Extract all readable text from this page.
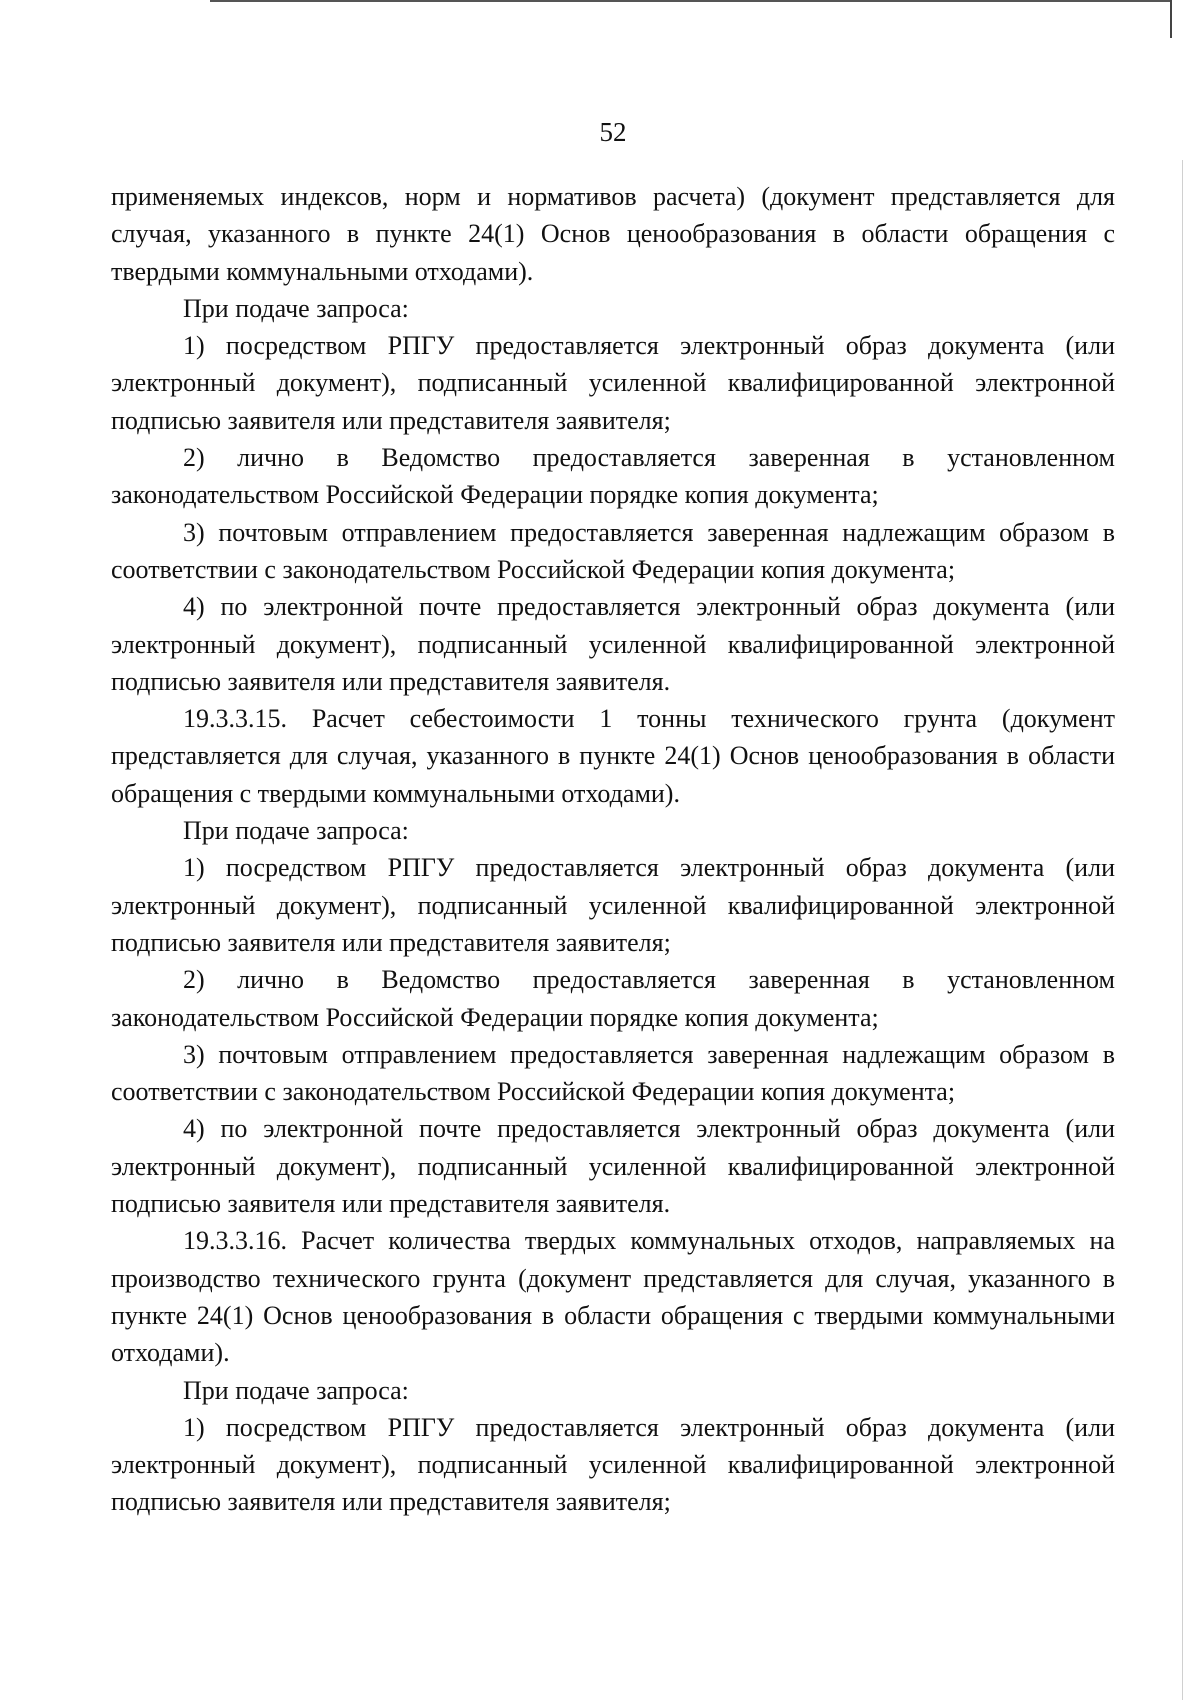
52

применяемых индексов, норм и нормативов расчета) (документ представляется для случая, указанного в пункте 24(1) Основ ценообразования в области обращения с твердыми коммунальными отходами).

При подаче запроса:

1) посредством РПГУ предоставляется электронный образ документа (или электронный документ), подписанный усиленной квалифицированной электронной подписью заявителя или представителя заявителя;

2) лично в Ведомство предоставляется заверенная в установленном законодательством Российской Федерации порядке копия документа;

3) почтовым отправлением предоставляется заверенная надлежащим образом в соответствии с законодательством Российской Федерации копия документа;

4) по электронной почте предоставляется электронный образ документа (или электронный документ), подписанный усиленной квалифицированной электронной подписью заявителя или представителя заявителя.

19.3.3.15. Расчет себестоимости 1 тонны технического грунта (документ представляется для случая, указанного в пункте 24(1) Основ ценообразования в области обращения с твердыми коммунальными отходами).

При подаче запроса:

1) посредством РПГУ предоставляется электронный образ документа (или электронный документ), подписанный усиленной квалифицированной электронной подписью заявителя или представителя заявителя;

2) лично в Ведомство предоставляется заверенная в установленном законодательством Российской Федерации порядке копия документа;

3) почтовым отправлением предоставляется заверенная надлежащим образом в соответствии с законодательством Российской Федерации копия документа;

4) по электронной почте предоставляется электронный образ документа (или электронный документ), подписанный усиленной квалифицированной электронной подписью заявителя или представителя заявителя.

19.3.3.16. Расчет количества твердых коммунальных отходов, направляемых на производство технического грунта (документ представляется для случая, указанного в пункте 24(1) Основ ценообразования в области обращения с твердыми коммунальными отходами).

При подаче запроса:

1) посредством РПГУ предоставляется электронный образ документа (или электронный документ), подписанный усиленной квалифицированной электронной подписью заявителя или представителя заявителя;
